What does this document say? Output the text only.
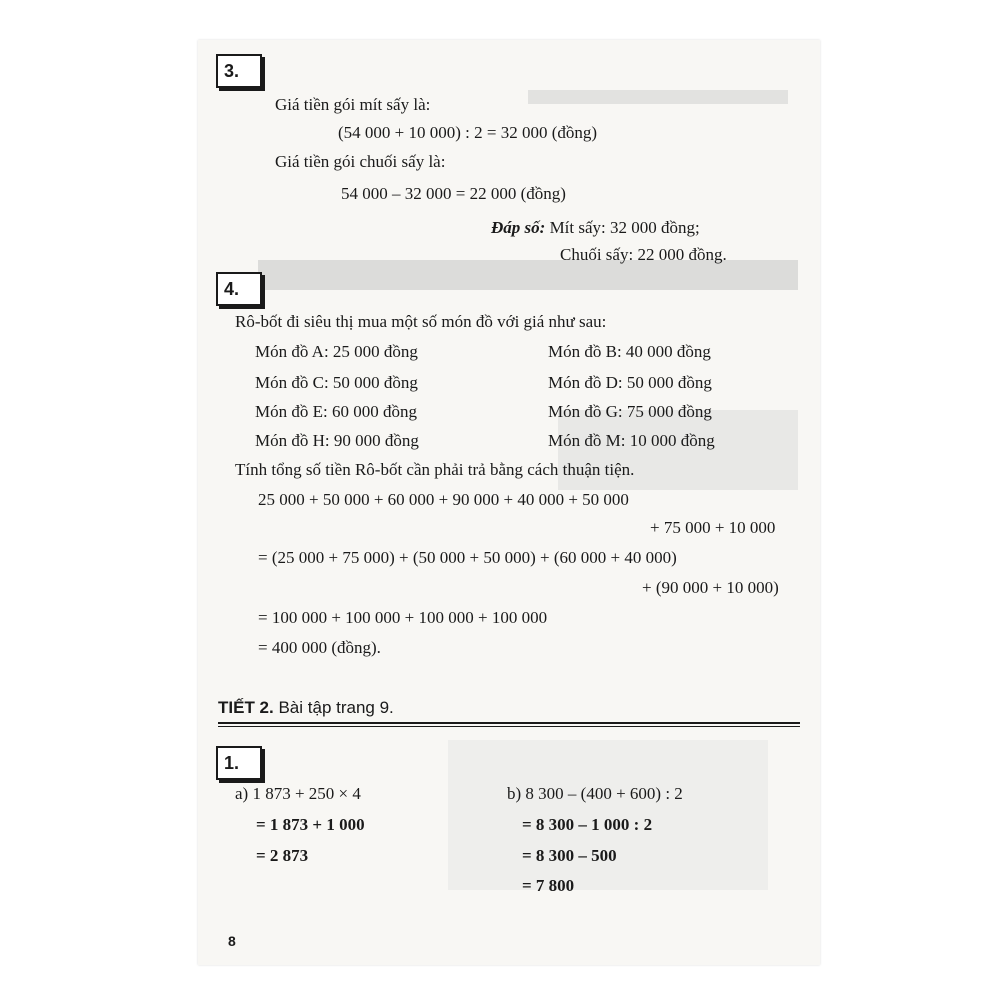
3.
Giá tiền gói mít sấy là:
(54 000 + 10 000) : 2 = 32 000 (đồng)
Giá tiền gói chuối sấy là:
54 000 – 32 000 = 22 000 (đồng)
Đáp số: Mít sấy: 32 000 đồng;
Chuối sấy: 22 000 đồng.
4.
Rô-bốt đi siêu thị mua một số món đồ với giá như sau:
Món đồ A: 25 000 đồng	Món đồ B: 40 000 đồng
Món đồ C: 50 000 đồng	Món đồ D: 50 000 đồng
Món đồ E: 60 000 đồng	Món đồ G: 75 000 đồng
Món đồ H: 90 000 đồng	Món đồ M: 10 000 đồng
Tính tổng số tiền Rô-bốt cần phải trả bằng cách thuận tiện.
25 000 + 50 000 + 60 000 + 90 000 + 40 000 + 50 000
+ 75 000 + 10 000
= (25 000 + 75 000) + (50 000 + 50 000) + (60 000 + 40 000)
+ (90 000 + 10 000)
= 100 000 + 100 000 + 100 000 + 100 000
= 400 000 (đồng).
TIẾT 2. Bài tập trang 9.
1.
a) 1 873 + 250 × 4
= 1 873 + 1 000
= 2 873
b) 8 300 – (400 + 600) : 2
= 8 300 – 1 000 : 2
= 8 300 – 500
= 7 800
8
